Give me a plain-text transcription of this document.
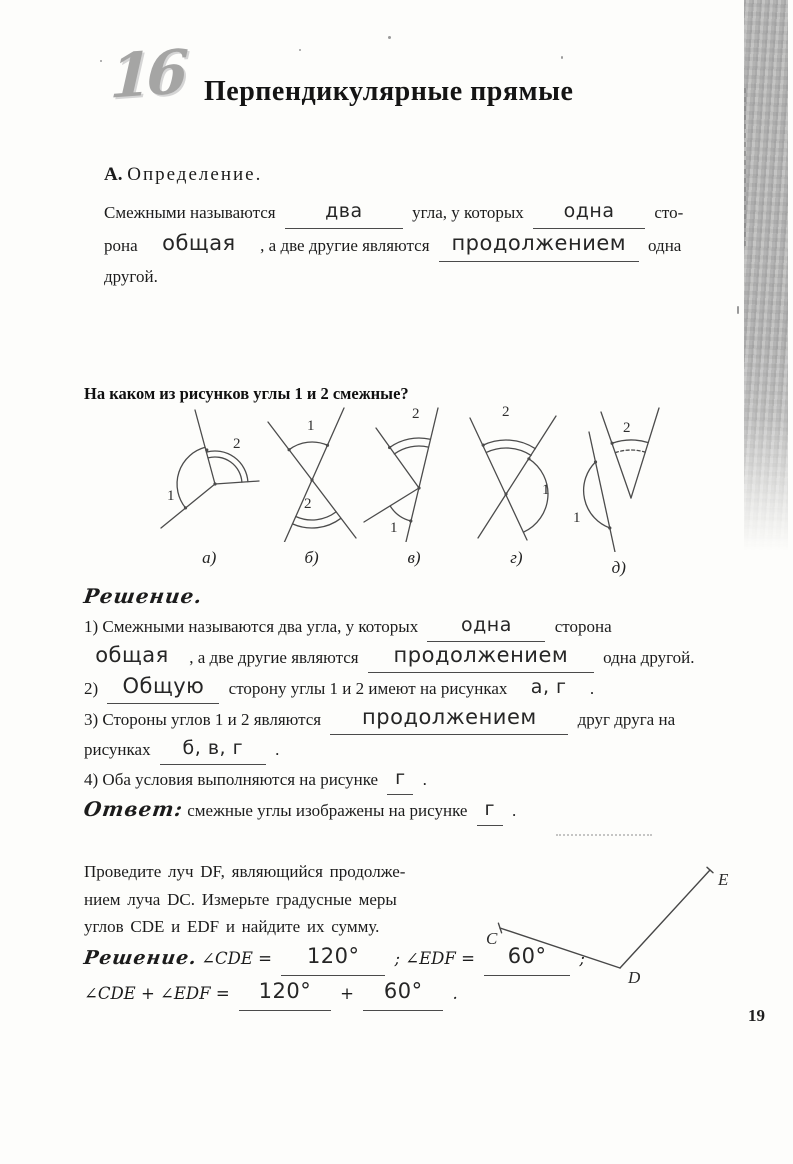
16 Перпендикулярные прямые
А. Определение.
Смежными называются	два	угла, у которых одна сто-
рона общая , а две другие являются продолжением одна
другой.
На каком из рисунков углы 1 и 2 смежные?
1
2
а)
1
2
б)
1
2
в)
1
2
г)
1
2
д)
Решение.
1) Смежными называются два угла, у которых одна	сторона
общая , а две другие являются продолжением одна другой.
2) Общую сторону углы 1 и 2 имеют на рисунках а, г .
3) Стороны углов 1 и 2 являются продолжением друг друга на
рисунках б, в, г .
4) Оба условия выполняются на рисунке г .
Ответ: смежные углы изображены на рисунке г .
Проведите луч DF, являющийся продолже-
нием луча DC. Измерьте градусные меры
углов CDE и EDF и найдите их сумму.
Решение. ∠CDE = 120° ; ∠EDF = 60° ;
∠CDE + ∠EDF = 120° + 60° .
C
D
E
19
